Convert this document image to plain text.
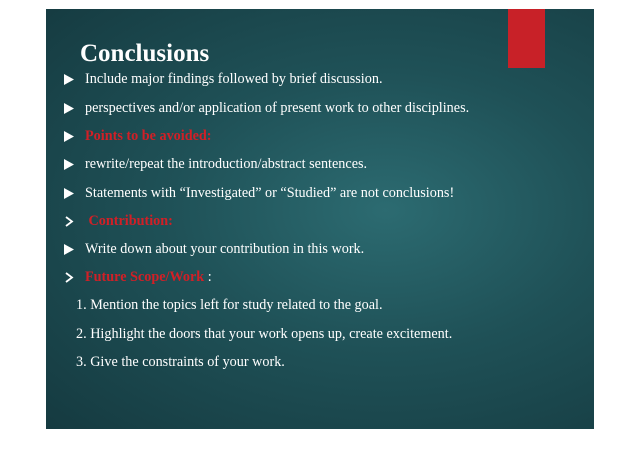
Conclusions
Include major findings followed by brief discussion.
perspectives and/or application of present work to other disciplines.
Points to be avoided:
rewrite/repeat the introduction/abstract sentences.
Statements with “Investigated” or “Studied” are not conclusions!
Contribution:
Write down about your contribution in this work.
Future Scope/Work :
1. Mention the topics left for study related to the goal.
2. Highlight the doors that your work opens up, create excitement.
3. Give the constraints of your work.
